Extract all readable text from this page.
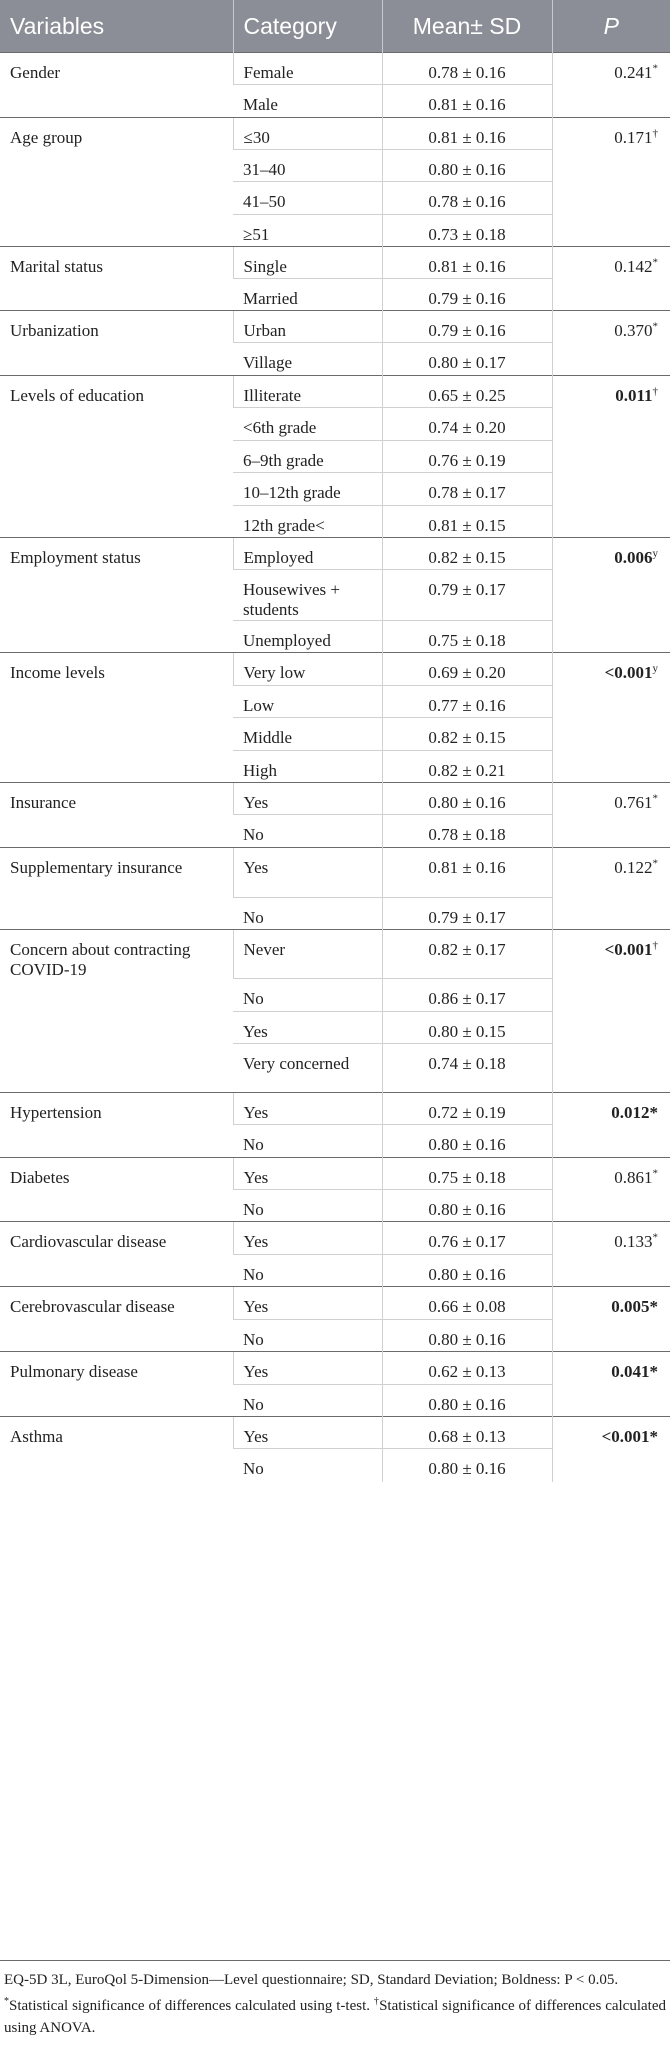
Variables	Category	Mean± SD	P
Gender	Female	0.78 ± 0.16	0.241*
	Male	0.81 ± 0.16	
Age group	≤30	0.81 ± 0.16	0.171†
	31–40	0.80 ± 0.16	
	41–50	0.78 ± 0.16	
	≥51	0.73 ± 0.18	
Marital status	Single	0.81 ± 0.16	0.142*
	Married	0.79 ± 0.16	
Urbanization	Urban	0.79 ± 0.16	0.370*
	Village	0.80 ± 0.17	
Levels of education	Illiterate	0.65 ± 0.25	0.011†
	<6th grade	0.74 ± 0.20	
	6–9th grade	0.76 ± 0.19	
	10–12th grade	0.78 ± 0.17	
	12th grade<	0.81 ± 0.15	
Employment status	Employed	0.82 ± 0.15	0.006$^y$
	Housewives + students	0.79 ± 0.17	
	Unemployed	0.75 ± 0.18	
Income levels	Very low	0.69 ± 0.20	$<0.001^y$
	Low	0.77 ± 0.16	
	Middle	0.82 ± 0.15	
	High	0.82 ± 0.21	
Insurance	Yes	0.80 ± 0.16	0.761*
	No	0.78 ± 0.18	
Supplementary insurance	Yes	0.81 ± 0.16	0.122*
	No	0.79 ± 0.17	
Concern about contracting COVID-19	Never	0.82 ± 0.17	<0.001†
	No	0.86 ± 0.17	
	Yes	0.80 ± 0.15	
	Very concerned	0.74 ± 0.18	
Hypertension	Yes	0.72 ± 0.19	0.012*
	No	0.80 ± 0.16	
Diabetes	Yes	0.75 ± 0.18	0.861*
	No	0.80 ± 0.16	
Cardiovascular disease	Yes	0.76 ± 0.17	0.133*
	No	0.80 ± 0.16	
Cerebrovascular disease	Yes	0.66 ± 0.08	0.005*
	No	0.80 ± 0.16	
Pulmonary disease	Yes	0.62 ± 0.13	0.041*
	No	0.80 ± 0.16	
Asthma	Yes	0.68 ± 0.13	<0.001*
	No	0.80 ± 0.16	

EQ-5D 3L, EuroQol 5-Dimension—Level questionnaire; SD, Standard Deviation; Boldness: P < 0.05.

*Statistical significance of differences calculated using t-test. †Statistical significance of differences calculated using ANOVA.
